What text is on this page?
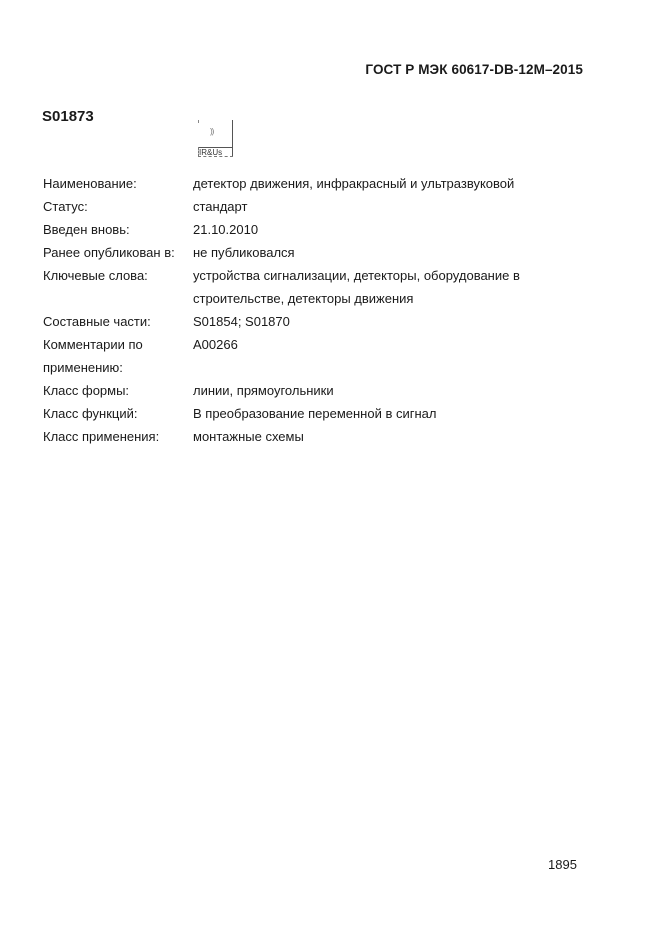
ГОСТ Р МЭК 60617-DB-12М–2015
S01873
))
IR&Us
Наименование:	детектор движения, инфракрасный и ультразвуковой
Статус:	стандарт
Введен вновь:	21.10.2010
Ранее опубликован в:	не публиковался
Ключевые слова:	устройства сигнализации, детекторы, оборудование в
строительстве, детекторы движения
Составные части:	S01854; S01870
Комментарии по	A00266
применению:
Класс формы:	линии, прямоугольники
Класс функций:	B преобразование переменной в сигнал
Класс применения:	монтажные схемы
1895
